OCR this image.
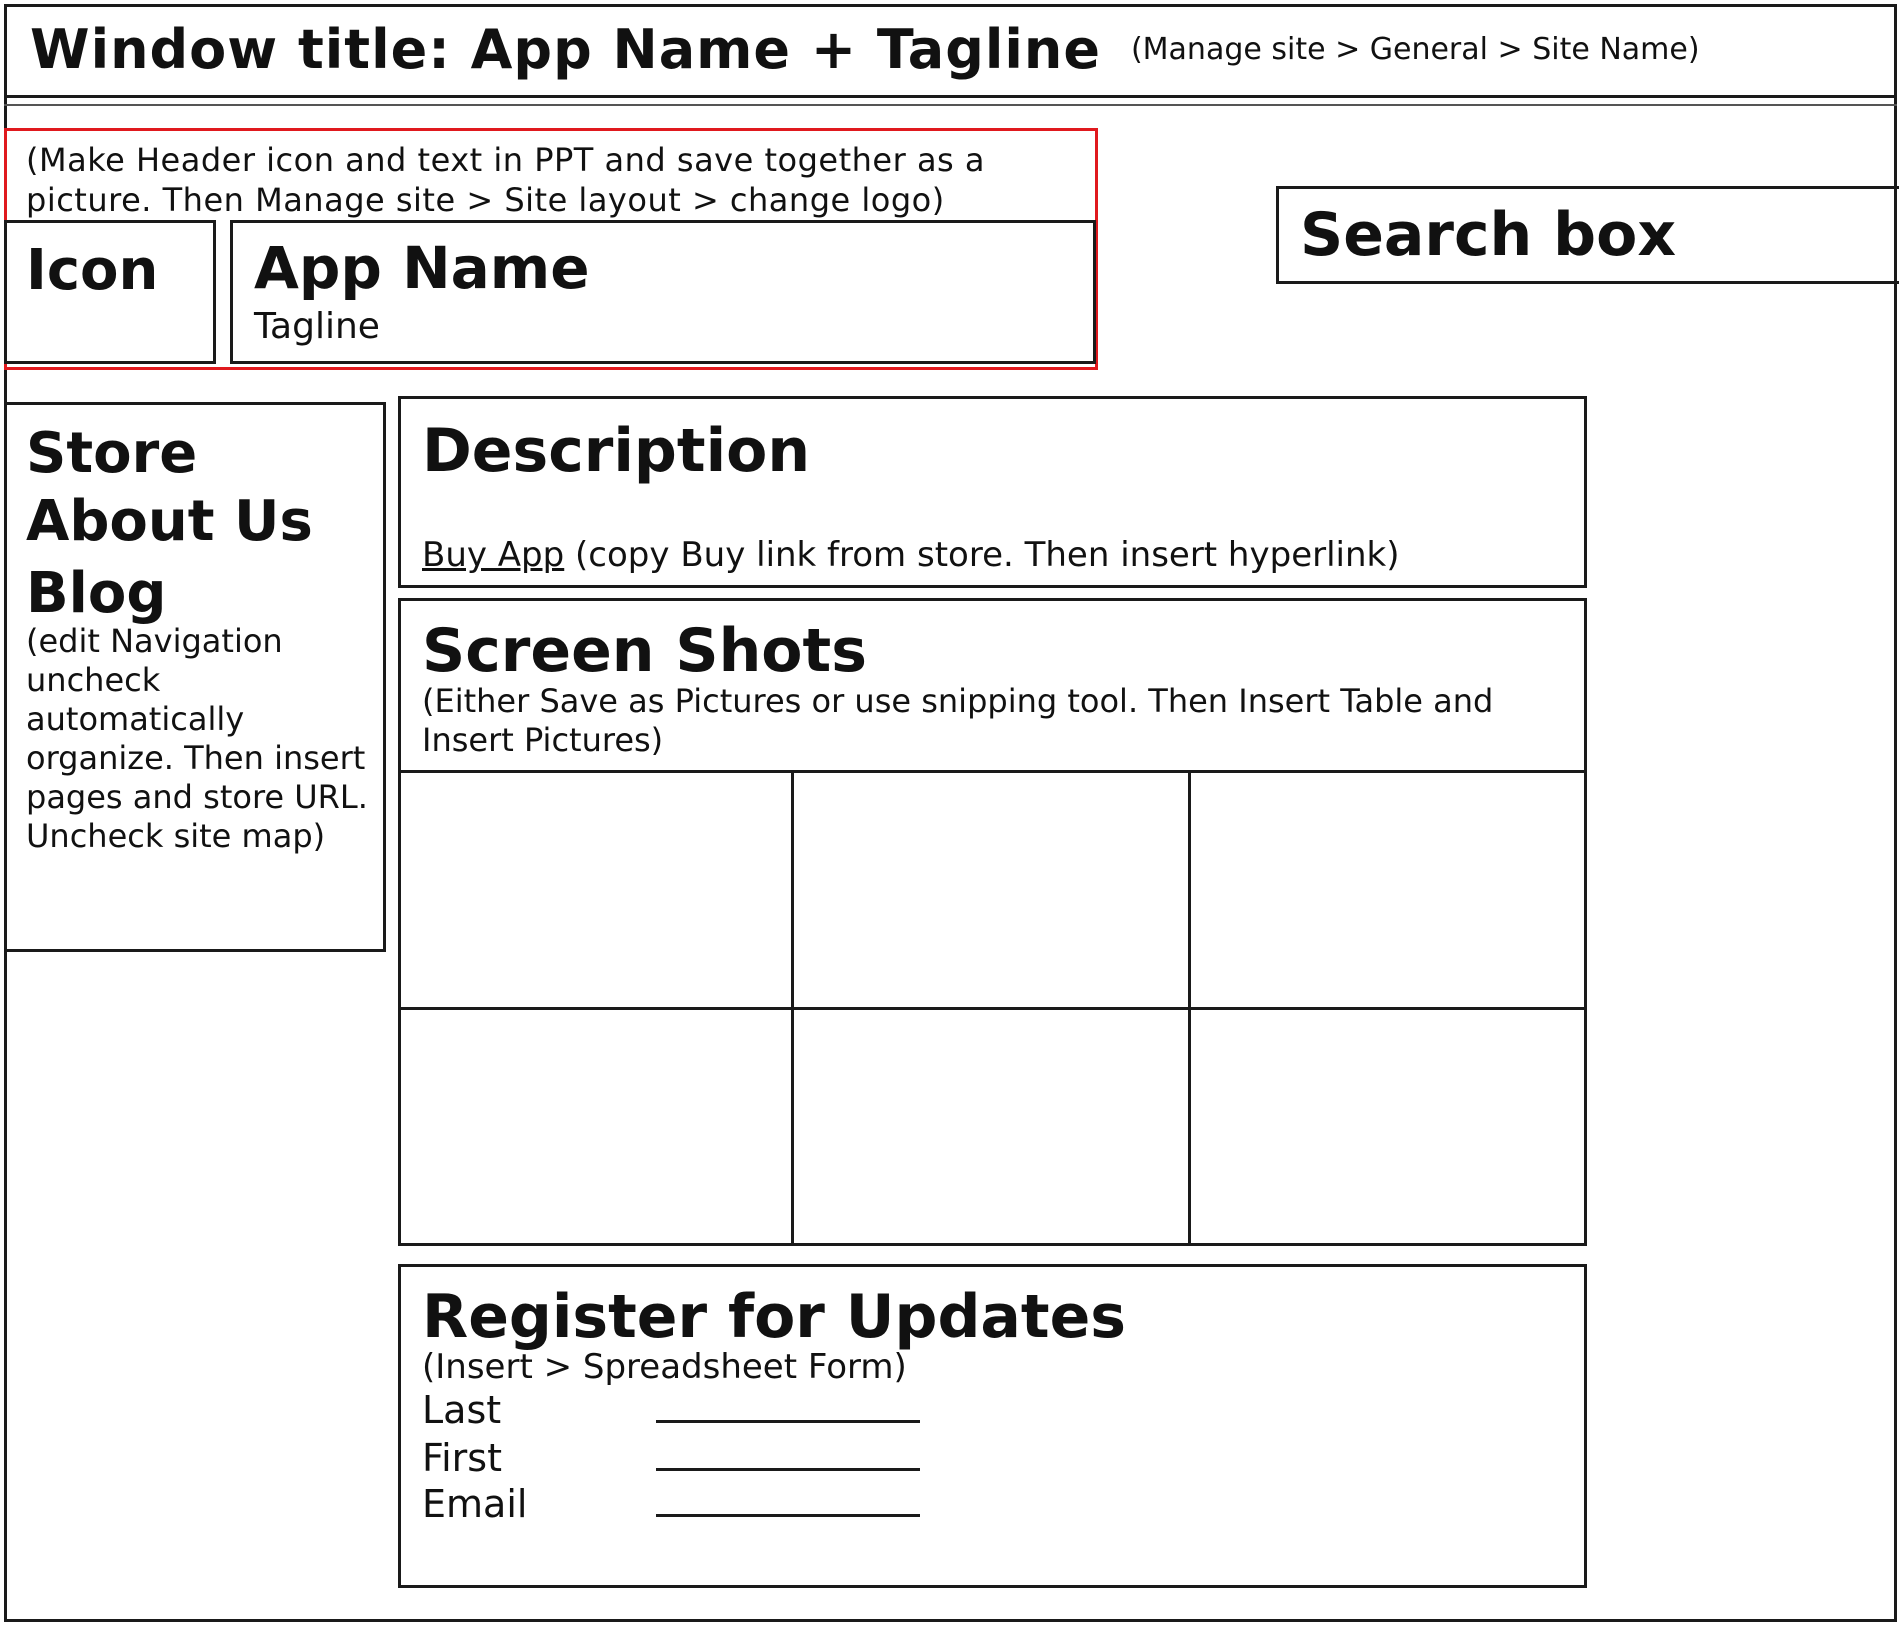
Window title: App Name + Tagline (Manage site > General > Site Name)
(Make Header icon and text in PPT and save together as a picture. Then Manage site > Site layout > change logo)
Icon App Name
Tagline
Search box
Store
About Us
Blog
(edit Navigation uncheck automatically organize. Then insert pages and store URL. Uncheck site map)
Description
Buy App (copy Buy link from store. Then insert hyperlink)
Screen Shots
(Either Save as Pictures or use snipping tool. Then Insert Table and Insert Pictures)
Register for Updates
(Insert > Spreadsheet Form)
Last
First
Email
